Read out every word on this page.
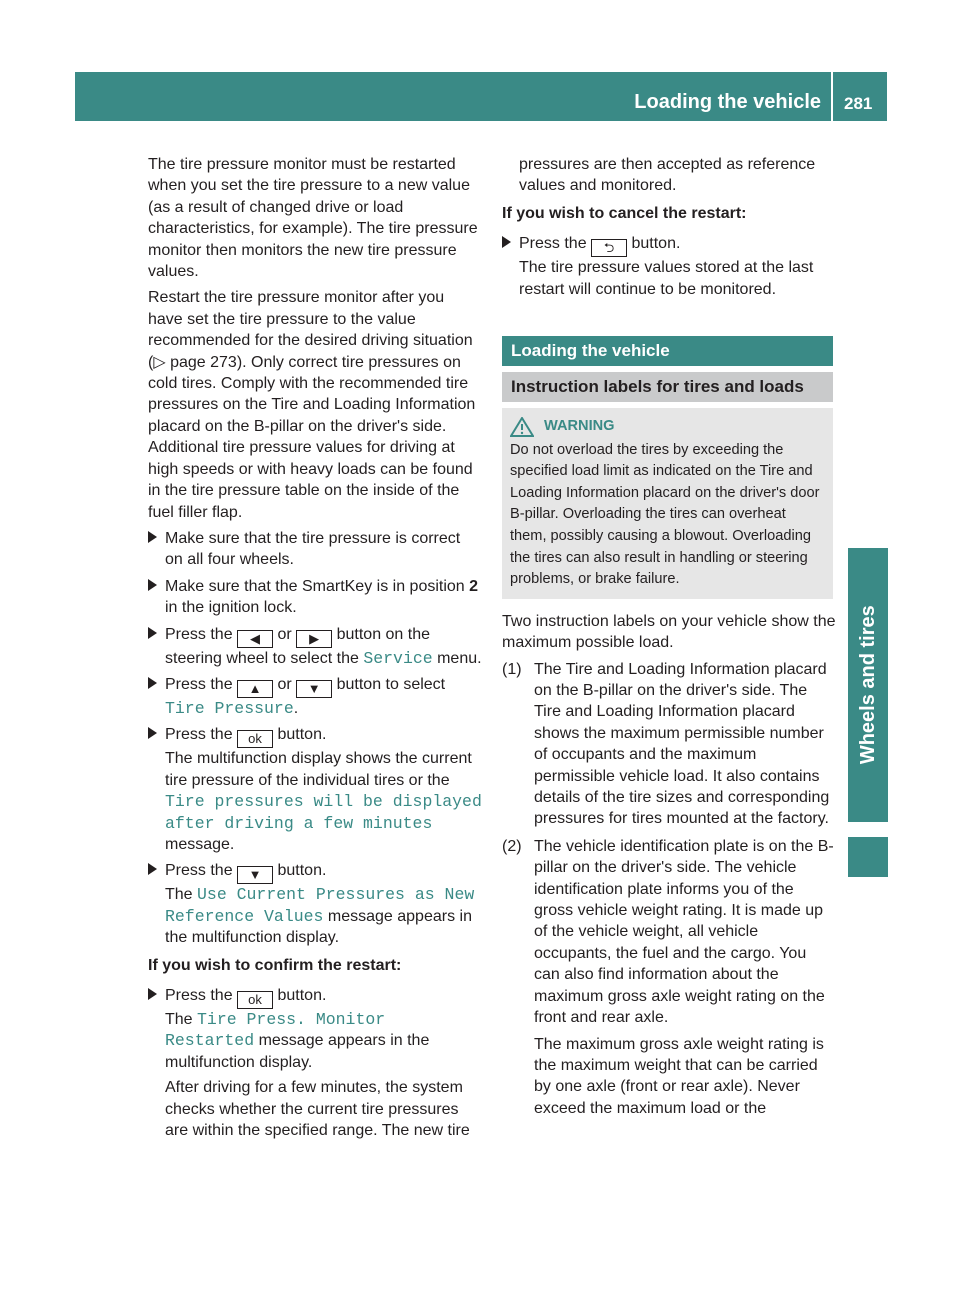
Loading the vehicle 281
Wheels and tires

The tire pressure monitor must be restarted when you set the tire pressure to a new value (as a result of changed drive or load characteristics, for example). The tire pressure monitor then monitors the new tire pressure values.

Restart the tire pressure monitor after you have set the tire pressure to the value recommended for the desired driving situation (▷ page 273). Only correct tire pressures on cold tires. Comply with the recommended tire pressures on the Tire and Loading Information placard on the B-pillar on the driver's side. Additional tire pressure values for driving at high speeds or with heavy loads can be found in the tire pressure table on the inside of the fuel filler flap.

Make sure that the tire pressure is correct on all four wheels.

Make sure that the SmartKey is in position 2 in the ignition lock.

Press the ◀ or ▶ button on the steering wheel to select the Service menu.

Press the ▲ or ▼ button to select Tire Pressure.

Press the ok button.

The multifunction display shows the current tire pressure of the individual tires or the Tire pressures will be displayed after driving a few minutes message.

Press the ▼ button.

The Use Current Pressures as New Reference Values message appears in the multifunction display.

If you wish to confirm the restart:

Press the ok button.

The Tire Press. Monitor Restarted message appears in the multifunction display.

After driving for a few minutes, the system checks whether the current tire pressures are within the specified range. The new tire

pressures are then accepted as reference values and monitored.

If you wish to cancel the restart:

Press the ⮌ button.

The tire pressure values stored at the last restart will continue to be monitored.

Loading the vehicle
Instruction labels for tires and loads
WARNING

Do not overload the tires by exceeding the specified load limit as indicated on the Tire and Loading Information placard on the driver's door B-pillar. Overloading the tires can overheat them, possibly causing a blowout. Overloading the tires can also result in handling or steering problems, or brake failure.

Two instruction labels on your vehicle show the maximum possible load.

(1) The Tire and Loading Information placard on the B-pillar on the driver's side. The Tire and Loading Information placard shows the maximum permissible number of occupants and the maximum permissible vehicle load. It also contains details of the tire sizes and corresponding pressures for tires mounted at the factory.

(2) The vehicle identification plate is on the B-pillar on the driver's side. The vehicle identification plate informs you of the gross vehicle weight rating. It is made up of the vehicle weight, all vehicle occupants, the fuel and the cargo. You can also find information about the maximum gross axle weight rating on the front and rear axle.

The maximum gross axle weight rating is the maximum weight that can be carried by one axle (front or rear axle). Never exceed the maximum load or the
